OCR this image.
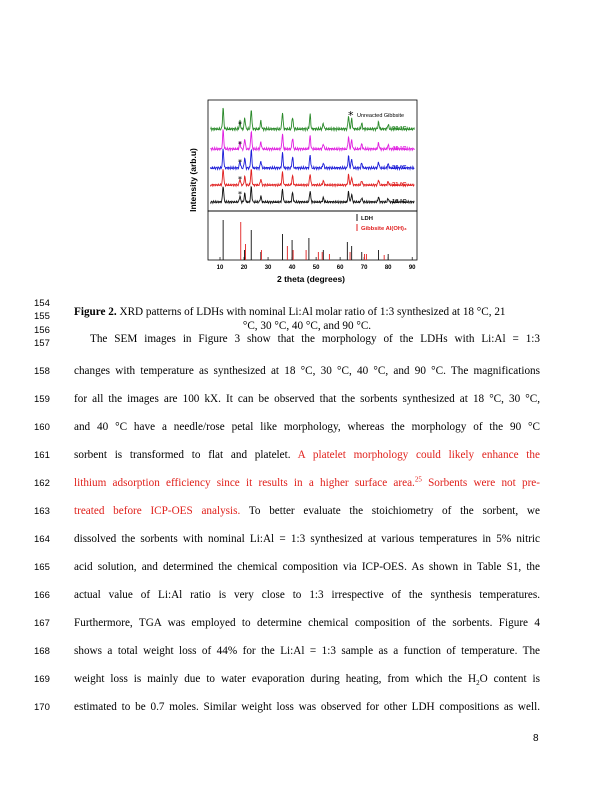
10	20	30	40	50	60	70	80	90
*
*
*
*
*
Intensity (arb.u)
2 theta (degrees)
* Unreacted Gibbsite
90 °C
40 °C
30 °C
21 °C
18 °C
LDH
Gibbsite Al(OH)₃
154
155
156
157
158
159
160
161
162
163
164
165
166
167
168
169
170
Figure 2. XRD patterns of LDHs with nominal Li:Al molar ratio of 1:3 synthesized at 18 °C, 21
°C, 30 °C, 40 °C, and 90 °C.
The SEM images in Figure 3 show that the morphology of the LDHs with Li:Al = 1:3
changes with temperature as synthesized at 18 °C, 30 °C, 40 °C, and 90 °C. The magnifications
for all the images are 100 kX. It can be observed that the sorbents synthesized at 18 °C, 30 °C,
and 40 °C have a needle/rose petal like morphology, whereas the morphology of the 90 °C
sorbent is transformed to flat and platelet. A platelet morphology could likely enhance the
lithium adsorption efficiency since it results in a higher surface area.$^{25}$ Sorbents were not pre-
treated before ICP-OES analysis. To better evaluate the stoichiometry of the sorbent, we
dissolved the sorbents with nominal Li:Al = 1:3 synthesized at various temperatures in 5% nitric
acid solution, and determined the chemical composition via ICP-OES. As shown in Table S1, the
actual value of Li:Al ratio is very close to 1:3 irrespective of the synthesis temperatures.
Furthermore, TGA was employed to determine chemical composition of the sorbents. Figure 4
shows a total weight loss of 44% for the Li:Al = 1:3 sample as a function of temperature. The
weight loss is mainly due to water evaporation during heating, from which the $H_2O$ content is
estimated to be 0.7 moles. Similar weight loss was observed for other LDH compositions as well.
8
